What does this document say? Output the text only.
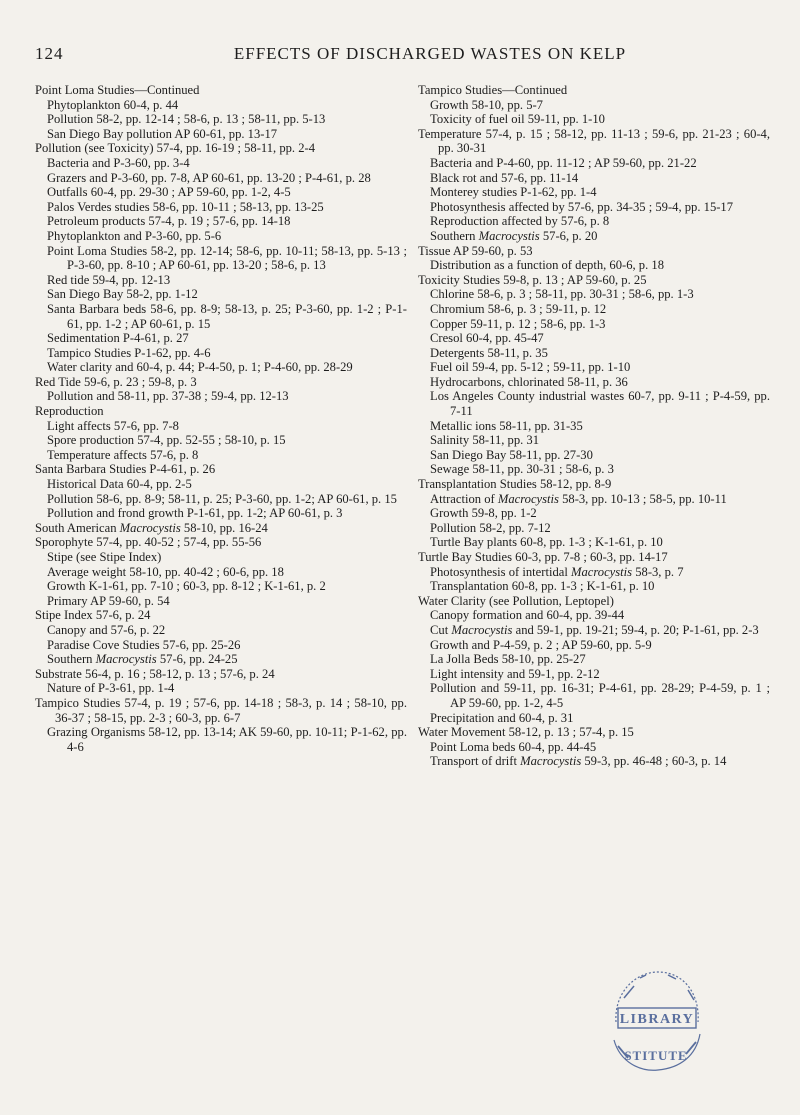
124	EFFECTS OF DISCHARGED WASTES ON KELP

Point Loma Studies—Continued

Phytoplankton 60-4, p. 44

Pollution 58-2, pp. 12-14 ; 58-6, p. 13 ; 58-11, pp. 5-13

San Diego Bay pollution AP 60-61, pp. 13-17

Pollution (see Toxicity) 57-4, pp. 16-19 ; 58-11, pp. 2-4

Bacteria and P-3-60, pp. 3-4

Grazers and P-3-60, pp. 7-8, AP 60-61, pp. 13-20 ; P-4-61, p. 28

Outfalls 60-4, pp. 29-30 ; AP 59-60, pp. 1-2, 4-5

Palos Verdes studies 58-6, pp. 10-11 ; 58-13, pp. 13-25

Petroleum products 57-4, p. 19 ; 57-6, pp. 14-18

Phytoplankton and P-3-60, pp. 5-6

Point Loma Studies 58-2, pp. 12-14; 58-6, pp. 10-11; 58-13, pp. 5-13 ; P-3-60, pp. 8-10 ; AP 60-61, pp. 13-20 ; 58-6, p. 13

Red tide 59-4, pp. 12-13

San Diego Bay 58-2, pp. 1-12

Santa Barbara beds 58-6, pp. 8-9; 58-13, p. 25; P-3-60, pp. 1-2 ; P-1-61, pp. 1-2 ; AP 60-61, p. 15

Sedimentation P-4-61, p. 27

Tampico Studies P-1-62, pp. 4-6

Water clarity and 60-4, p. 44; P-4-50, p. 1; P-4-60, pp. 28-29

Red Tide 59-6, p. 23 ; 59-8, p. 3

Pollution and 58-11, pp. 37-38 ; 59-4, pp. 12-13

Reproduction

Light affects 57-6, pp. 7-8

Spore production 57-4, pp. 52-55 ; 58-10, p. 15

Temperature affects 57-6, p. 8

Santa Barbara Studies P-4-61, p. 26

Historical Data 60-4, pp. 2-5

Pollution 58-6, pp. 8-9; 58-11, p. 25; P-3-60, pp. 1-2; AP 60-61, p. 15

Pollution and frond growth P-1-61, pp. 1-2; AP 60-61, p. 3

South American Macrocystis 58-10, pp. 16-24

Sporophyte 57-4, pp. 40-52 ; 57-4, pp. 55-56

Stipe (see Stipe Index)

Average weight 58-10, pp. 40-42 ; 60-6, pp. 18

Growth K-1-61, pp. 7-10 ; 60-3, pp. 8-12 ; K-1-61, p. 2

Primary AP 59-60, p. 54

Stipe Index 57-6, p. 24

Canopy and 57-6, p. 22

Paradise Cove Studies 57-6, pp. 25-26

Southern Macrocystis 57-6, pp. 24-25

Substrate 56-4, p. 16 ; 58-12, p. 13 ; 57-6, p. 24

Nature of P-3-61, pp. 1-4

Tampico Studies 57-4, p. 19 ; 57-6, pp. 14-18 ; 58-3, p. 14 ; 58-10, pp. 36-37 ; 58-15, pp. 2-3 ; 60-3, pp. 6-7

Grazing Organisms 58-12, pp. 13-14; AK 59-60, pp. 10-11; P-1-62, pp. 4-6

Tampico Studies—Continued

Growth 58-10, pp. 5-7

Toxicity of fuel oil 59-11, pp. 1-10

Temperature 57-4, p. 15 ; 58-12, pp. 11-13 ; 59-6, pp. 21-23 ; 60-4, pp. 30-31

Bacteria and P-4-60, pp. 11-12 ; AP 59-60, pp. 21-22

Black rot and 57-6, pp. 11-14

Monterey studies P-1-62, pp. 1-4

Photosynthesis affected by 57-6, pp. 34-35 ; 59-4, pp. 15-17

Reproduction affected by 57-6, p. 8

Southern Macrocystis 57-6, p. 20

Tissue AP 59-60, p. 53

Distribution as a function of depth, 60-6, p. 18

Toxicity Studies 59-8, p. 13 ; AP 59-60, p. 25

Chlorine 58-6, p. 3 ; 58-11, pp. 30-31 ; 58-6, pp. 1-3

Chromium 58-6, p. 3 ; 59-11, p. 12

Copper 59-11, p. 12 ; 58-6, pp. 1-3

Cresol 60-4, pp. 45-47

Detergents 58-11, p. 35

Fuel oil 59-4, pp. 5-12 ; 59-11, pp. 1-10

Hydrocarbons, chlorinated 58-11, p. 36

Los Angeles County industrial wastes 60-7, pp. 9-11 ; P-4-59, pp. 7-11

Metallic ions 58-11, pp. 31-35

Salinity 58-11, pp. 31

San Diego Bay 58-11, pp. 27-30

Sewage 58-11, pp. 30-31 ; 58-6, p. 3

Transplantation Studies 58-12, pp. 8-9

Attraction of Macrocystis 58-3, pp. 10-13 ; 58-5, pp. 10-11

Growth 59-8, pp. 1-2

Pollution 58-2, pp. 7-12

Turtle Bay plants 60-8, pp. 1-3 ; K-1-61, p. 10

Turtle Bay Studies 60-3, pp. 7-8 ; 60-3, pp. 14-17

Photosynthesis of intertidal Macrocystis 58-3, p. 7

Transplantation 60-8, pp. 1-3 ; K-1-61, p. 10

Water Clarity (see Pollution, Leptopel)

Canopy formation and 60-4, pp. 39-44

Cut Macrocystis and 59-1, pp. 19-21; 59-4, p. 20; P-1-61, pp. 2-3

Growth and P-4-59, p. 2 ; AP 59-60, pp. 5-9

La Jolla Beds 58-10, pp. 25-27

Light intensity and 59-1, pp. 2-12

Pollution and 59-11, pp. 16-31; P-4-61, pp. 28-29; P-4-59, p. 1 ; AP 59-60, pp. 1-2, 4-5

Precipitation and 60-4, p. 31

Water Movement 58-12, p. 13 ; 57-4, p. 15

Point Loma beds 60-4, pp. 44-45

Transport of drift Macrocystis 59-3, pp. 46-48 ; 60-3, p. 14

LIBRARY
STITUTE
